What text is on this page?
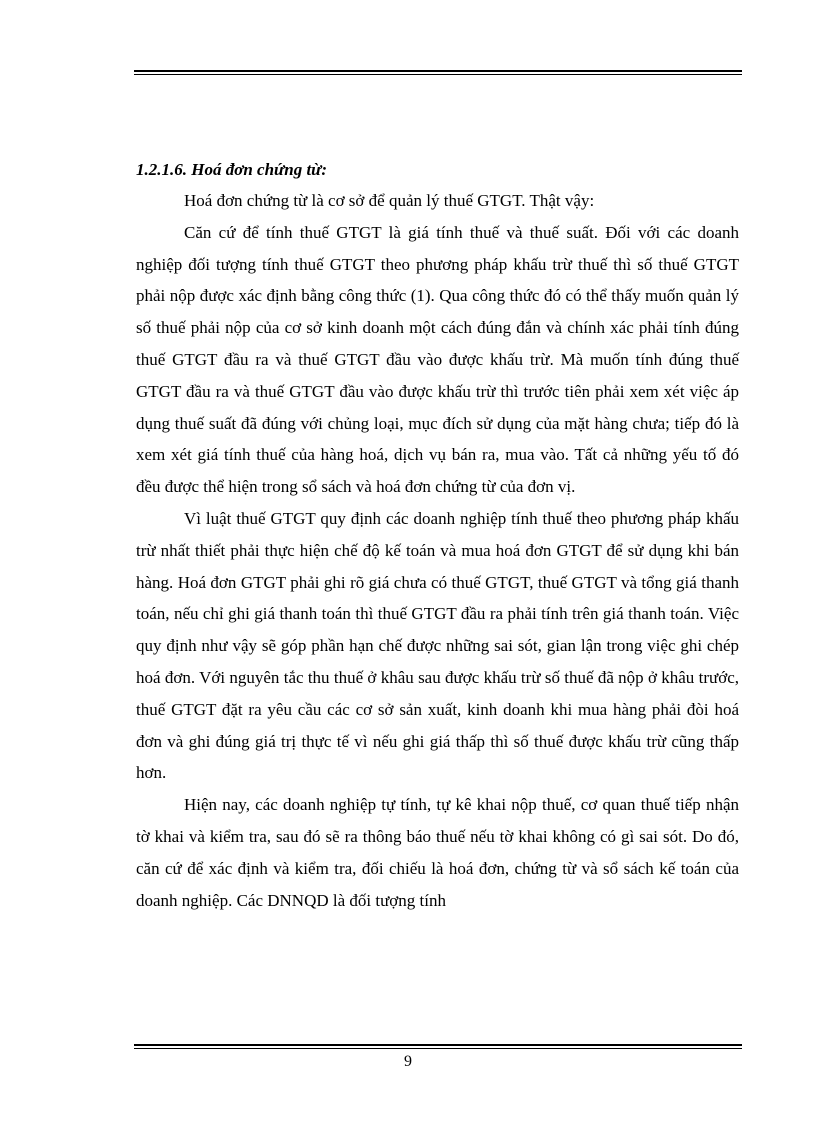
1.2.1.6. Hoá đơn chứng từ:

Hoá đơn chứng từ là cơ sở để quản lý thuế GTGT. Thật vậy:

Căn cứ để tính thuế GTGT là giá tính thuế và thuế suất. Đối với các doanh nghiệp đối tượng tính thuế GTGT theo phương pháp khấu trừ thuế thì số thuế GTGT phải nộp được xác định bằng công thức (1). Qua công thức đó có thể thấy muốn quản lý số thuế phải nộp của cơ sở kinh doanh một cách đúng đắn và chính xác phải tính đúng thuế GTGT đầu ra và thuế GTGT đầu vào được khấu trừ. Mà muốn tính đúng thuế GTGT đầu ra và thuế GTGT đầu vào được khấu trừ thì trước tiên phải xem xét việc áp dụng thuế suất đã đúng với chủng loại, mục đích sử dụng của mặt hàng chưa; tiếp đó là xem xét giá tính thuế của hàng hoá, dịch vụ bán ra, mua vào. Tất cả những yếu tố đó đều được thể hiện trong sổ sách và hoá đơn chứng từ của đơn vị.

Vì luật thuế GTGT quy định các doanh nghiệp tính thuế theo phương pháp khấu trừ nhất thiết phải thực hiện chế độ kế toán và mua hoá đơn GTGT để sử dụng khi bán hàng. Hoá đơn GTGT phải ghi rõ giá chưa có thuế GTGT, thuế GTGT và tổng giá thanh toán, nếu chỉ ghi giá thanh toán thì thuế GTGT đầu ra phải tính trên giá thanh toán. Việc quy định như vậy sẽ góp phần hạn chế được những sai sót, gian lận trong việc ghi chép hoá đơn. Với nguyên tắc thu thuế ở khâu sau được khấu trừ số thuế đã nộp ở khâu trước, thuế GTGT đặt ra yêu cầu các cơ sở sản xuất, kinh doanh khi mua hàng phải đòi hoá đơn và ghi đúng giá trị thực tế vì nếu ghi giá thấp thì số thuế được khấu trừ cũng thấp hơn.

Hiện nay, các doanh nghiệp tự tính, tự kê khai nộp thuế, cơ quan thuế tiếp nhận tờ khai và kiểm tra, sau đó sẽ ra thông báo thuế nếu tờ khai không có gì sai sót. Do đó, căn cứ để xác định và kiểm tra, đối chiếu là hoá đơn, chứng từ và sổ sách kế toán của doanh nghiệp. Các DNNQD là đối tượng tính

9
